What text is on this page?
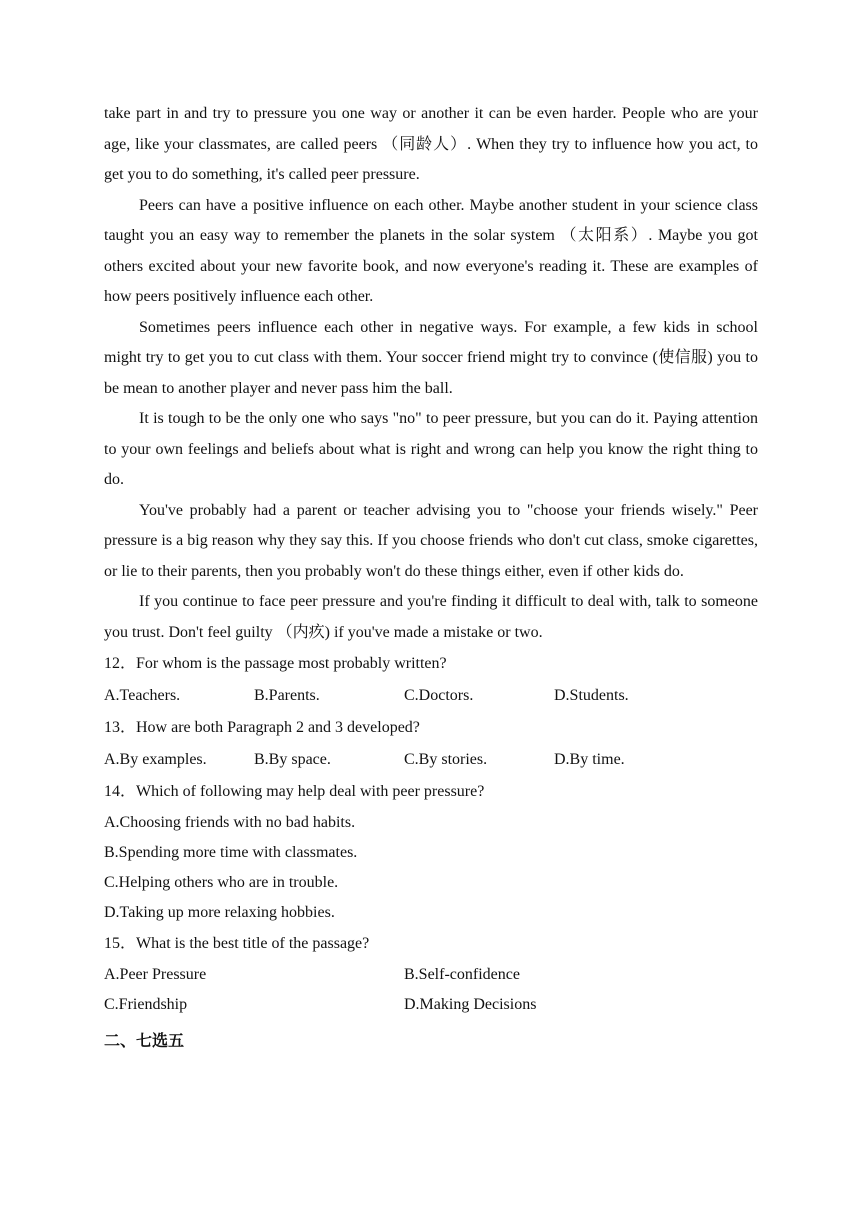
take part in and try to pressure you one way or another it can be even harder. People who are your age, like your classmates, are called peers （同龄人）. When they try to influence how you act, to get you to do something, it's called peer pressure.

Peers can have a positive influence on each other. Maybe another student in your science class taught you an easy way to remember the planets in the solar system （太阳系）. Maybe you got others excited about your new favorite book, and now everyone's reading it. These are examples of how peers positively influence each other.

Sometimes peers influence each other in negative ways. For example, a few kids in school might try to get you to cut class with them. Your soccer friend might try to convince (使信服) you to be mean to another player and never pass him the ball.

It is tough to be the only one who says "no" to peer pressure, but you can do it. Paying attention to your own feelings and beliefs about what is right and wrong can help you know the right thing to do.

You've probably had a parent or teacher advising you to "choose your friends wisely." Peer pressure is a big reason why they say this. If you choose friends who don't cut class, smoke cigarettes, or lie to their parents, then you probably won't do these things either, even if other kids do.

If you continue to face peer pressure and you're finding it difficult to deal with, talk to someone you trust. Don't feel guilty （内疚) if you've made a mistake or two.

12．For whom is the passage most probably written?

A.Teachers.	B.Parents.	C.Doctors.	D.Students.

13．How are both Paragraph 2 and 3 developed?

A.By examples.	B.By space.	C.By stories.	D.By time.

14．Which of following may help deal with peer pressure?

A.Choosing friends with no bad habits.
B.Spending more time with classmates.
C.Helping others who are in trouble.
D.Taking up more relaxing hobbies.

15．What is the best title of the passage?

A.Peer Pressure	B.Self-confidence
C.Friendship	D.Making Decisions
二、七选五
